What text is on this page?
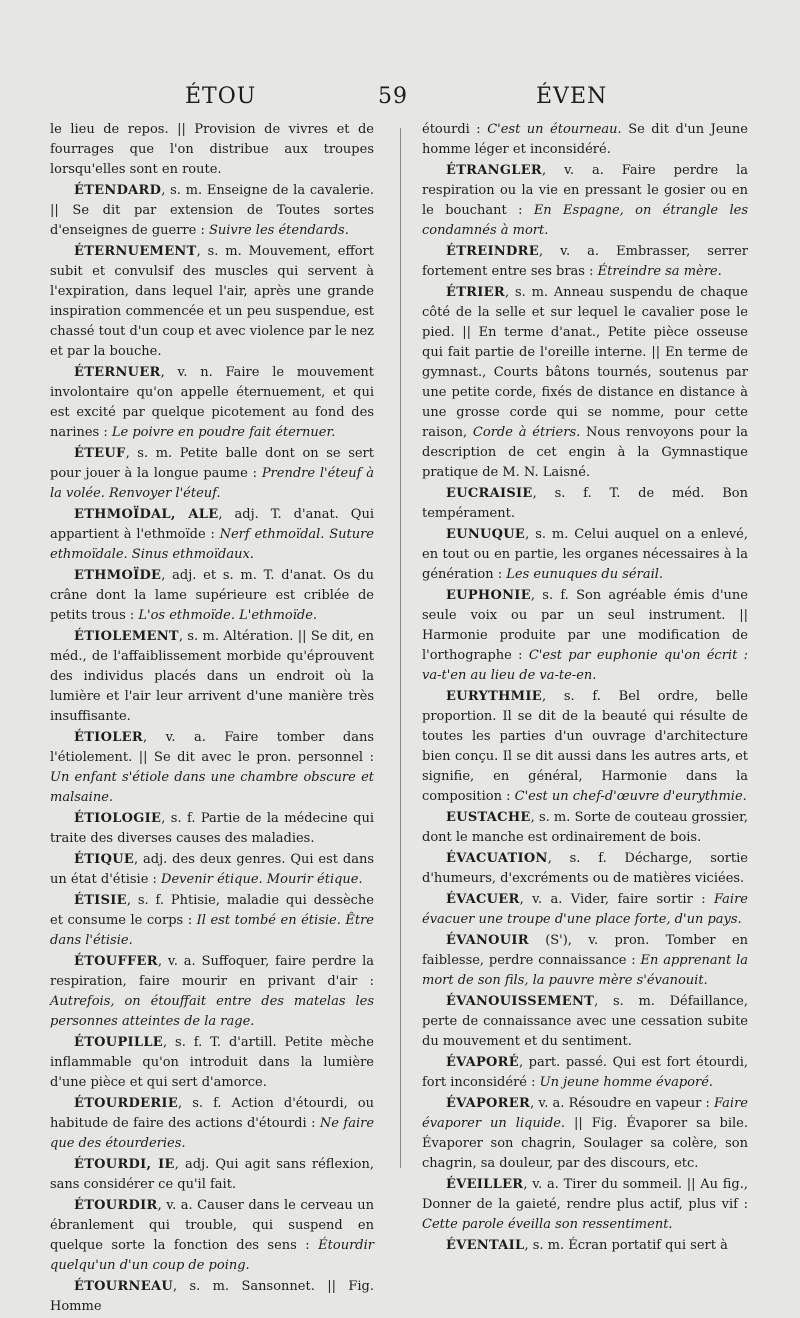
ÉTOU	59	ÉVEN

le lieu de repos. || Provision de vivres et de fourrages que l'on distribue aux troupes lorsqu'elles sont en route.

ÉTENDARD, s. m. Enseigne de la cavalerie. || Se dit par extension de Toutes sortes d'enseignes de guerre : Suivre les étendards.

ÉTERNUEMENT, s. m. Mouvement, effort subit et convulsif des muscles qui servent à l'expiration, dans lequel l'air, après une grande inspiration commencée et un peu suspendue, est chassé tout d'un coup et avec violence par le nez et par la bouche.

ÉTERNUER, v. n. Faire le mouvement involontaire qu'on appelle éternuement, et qui est excité par quelque picotement au fond des narines : Le poivre en poudre fait éternuer.

ÉTEUF, s. m. Petite balle dont on se sert pour jouer à la longue paume : Prendre l'éteuf à la volée. Renvoyer l'éteuf.

ETHMOÏDAL, ALE, adj. T. d'anat. Qui appartient à l'ethmoïde : Nerf ethmoïdal. Suture ethmoïdale. Sinus ethmoïdaux.

ETHMOÏDE, adj. et s. m. T. d'anat. Os du crâne dont la lame supérieure est criblée de petits trous : L'os ethmoïde. L'ethmoïde.

ÉTIOLEMENT, s. m. Altération. || Se dit, en méd., de l'affaiblissement morbide qu'éprouvent des individus placés dans un endroit où la lumière et l'air leur arrivent d'une manière très insuffisante.

ÉTIOLER, v. a. Faire tomber dans l'étiolement. || Se dit avec le pron. personnel : Un enfant s'étiole dans une chambre obscure et malsaine.

ÉTIOLOGIE, s. f. Partie de la médecine qui traite des diverses causes des maladies.

ÉTIQUE, adj. des deux genres. Qui est dans un état d'étisie : Devenir étique. Mourir étique.

ÉTISIE, s. f. Phtisie, maladie qui dessèche et consume le corps : Il est tombé en étisie. Être dans l'étisie.

ÉTOUFFER, v. a. Suffoquer, faire perdre la respiration, faire mourir en privant d'air : Autrefois, on étouffait entre des matelas les personnes atteintes de la rage.

ÉTOUPILLE, s. f. T. d'artill. Petite mèche inflammable qu'on introduit dans la lumière d'une pièce et qui sert d'amorce.

ÉTOURDERIE, s. f. Action d'étourdi, ou habitude de faire des actions d'étourdi : Ne faire que des étourderies.

ÉTOURDI, IE, adj. Qui agit sans réflexion, sans considérer ce qu'il fait.

ÉTOURDIR, v. a. Causer dans le cerveau un ébranlement qui trouble, qui suspend en quelque sorte la fonction des sens : Étourdir quelqu'un d'un coup de poing.

ÉTOURNEAU, s. m. Sansonnet. || Fig. Homme

étourdi : C'est un étourneau. Se dit d'un Jeune homme léger et inconsidéré.

ÉTRANGLER, v. a. Faire perdre la respiration ou la vie en pressant le gosier ou en le bouchant : En Espagne, on étrangle les condamnés à mort.

ÉTREINDRE, v. a. Embrasser, serrer fortement entre ses bras : Étreindre sa mère.

ÉTRIER, s. m. Anneau suspendu de chaque côté de la selle et sur lequel le cavalier pose le pied. || En terme d'anat., Petite pièce osseuse qui fait partie de l'oreille interne. || En terme de gymnast., Courts bâtons tournés, soutenus par une petite corde, fixés de distance en distance à une grosse corde qui se nomme, pour cette raison, Corde à étriers. Nous renvoyons pour la description de cet engin à la Gymnastique pratique de M. N. Laisné.

EUCRAISIE, s. f. T. de méd. Bon tempérament.

EUNUQUE, s. m. Celui auquel on a enlevé, en tout ou en partie, les organes nécessaires à la génération : Les eunuques du sérail.

EUPHONIE, s. f. Son agréable émis d'une seule voix ou par un seul instrument. || Harmonie produite par une modification de l'orthographe : C'est par euphonie qu'on écrit : va-t'en au lieu de va-te-en.

EURYTHMIE, s. f. Bel ordre, belle proportion. Il se dit de la beauté qui résulte de toutes les parties d'un ouvrage d'architecture bien conçu. Il se dit aussi dans les autres arts, et signifie, en général, Harmonie dans la composition : C'est un chef-d'œuvre d'eurythmie.

EUSTACHE, s. m. Sorte de couteau grossier, dont le manche est ordinairement de bois.

ÉVACUATION, s. f. Décharge, sortie d'humeurs, d'excréments ou de matières viciées.

ÉVACUER, v. a. Vider, faire sortir : Faire évacuer une troupe d'une place forte, d'un pays.

ÉVANOUIR (S'), v. pron. Tomber en faiblesse, perdre connaissance : En apprenant la mort de son fils, la pauvre mère s'évanouit.

ÉVANOUISSEMENT, s. m. Défaillance, perte de connaissance avec une cessation subite du mouvement et du sentiment.

ÉVAPORÉ, part. passé. Qui est fort étourdi, fort inconsidéré : Un jeune homme évaporé.

ÉVAPORER, v. a. Résoudre en vapeur : Faire évaporer un liquide. || Fig. Évaporer sa bile. Évaporer son chagrin, Soulager sa colère, son chagrin, sa douleur, par des discours, etc.

ÉVEILLER, v. a. Tirer du sommeil. || Au fig., Donner de la gaieté, rendre plus actif, plus vif : Cette parole éveilla son ressentiment.

ÉVENTAIL, s. m. Écran portatif qui sert à
